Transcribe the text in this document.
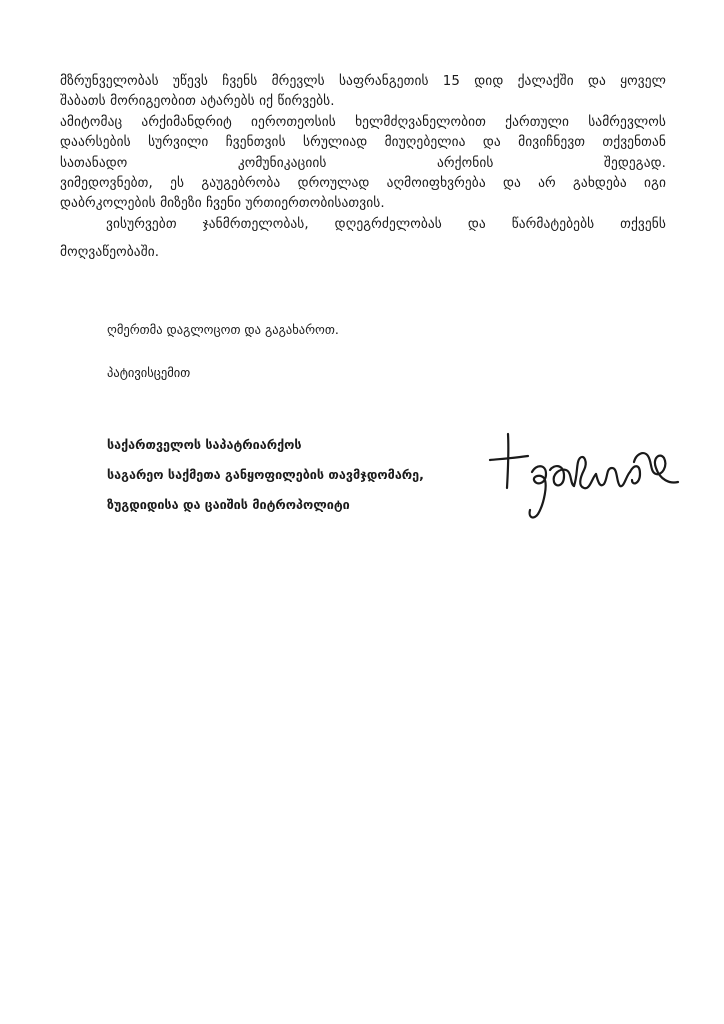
მზრუნველობას უწევს ჩვენს მრევლს საფრანგეთის 15 დიდ ქალაქში და ყოველ
შაბათს მორიგეობით ატარებს იქ წირვებს.
ამიტომაც არქიმანდრიტ იეროთეოსის ხელმძღვანელობით ქართული სამრევლოს
დაარსების სურვილი ჩვენთვის სრულიად მიუღებელია და მივიჩნევთ თქვენთან
სათანადო კომუნიკაციის არქონის შედეგად.
ვიმედოვნებთ, ეს გაუგებრობა დროულად აღმოიფხვრება და არ გახდება იგი
დაბრკოლების მიზეზი ჩვენი ურთიერთობისათვის.
ვისურვებთ ჯანმრთელობას, დღეგრძელობას და წარმატებებს თქვენს
მოღვაწეობაში.
ღმერთმა დაგლოცოთ და გაგახაროთ.
პატივისცემით
საქართველოს საპატრიარქოს
საგარეო საქმეთა განყოფილების თავმჯდომარე,
ზუგდიდისა და ცაიშის მიტროპოლიტი
